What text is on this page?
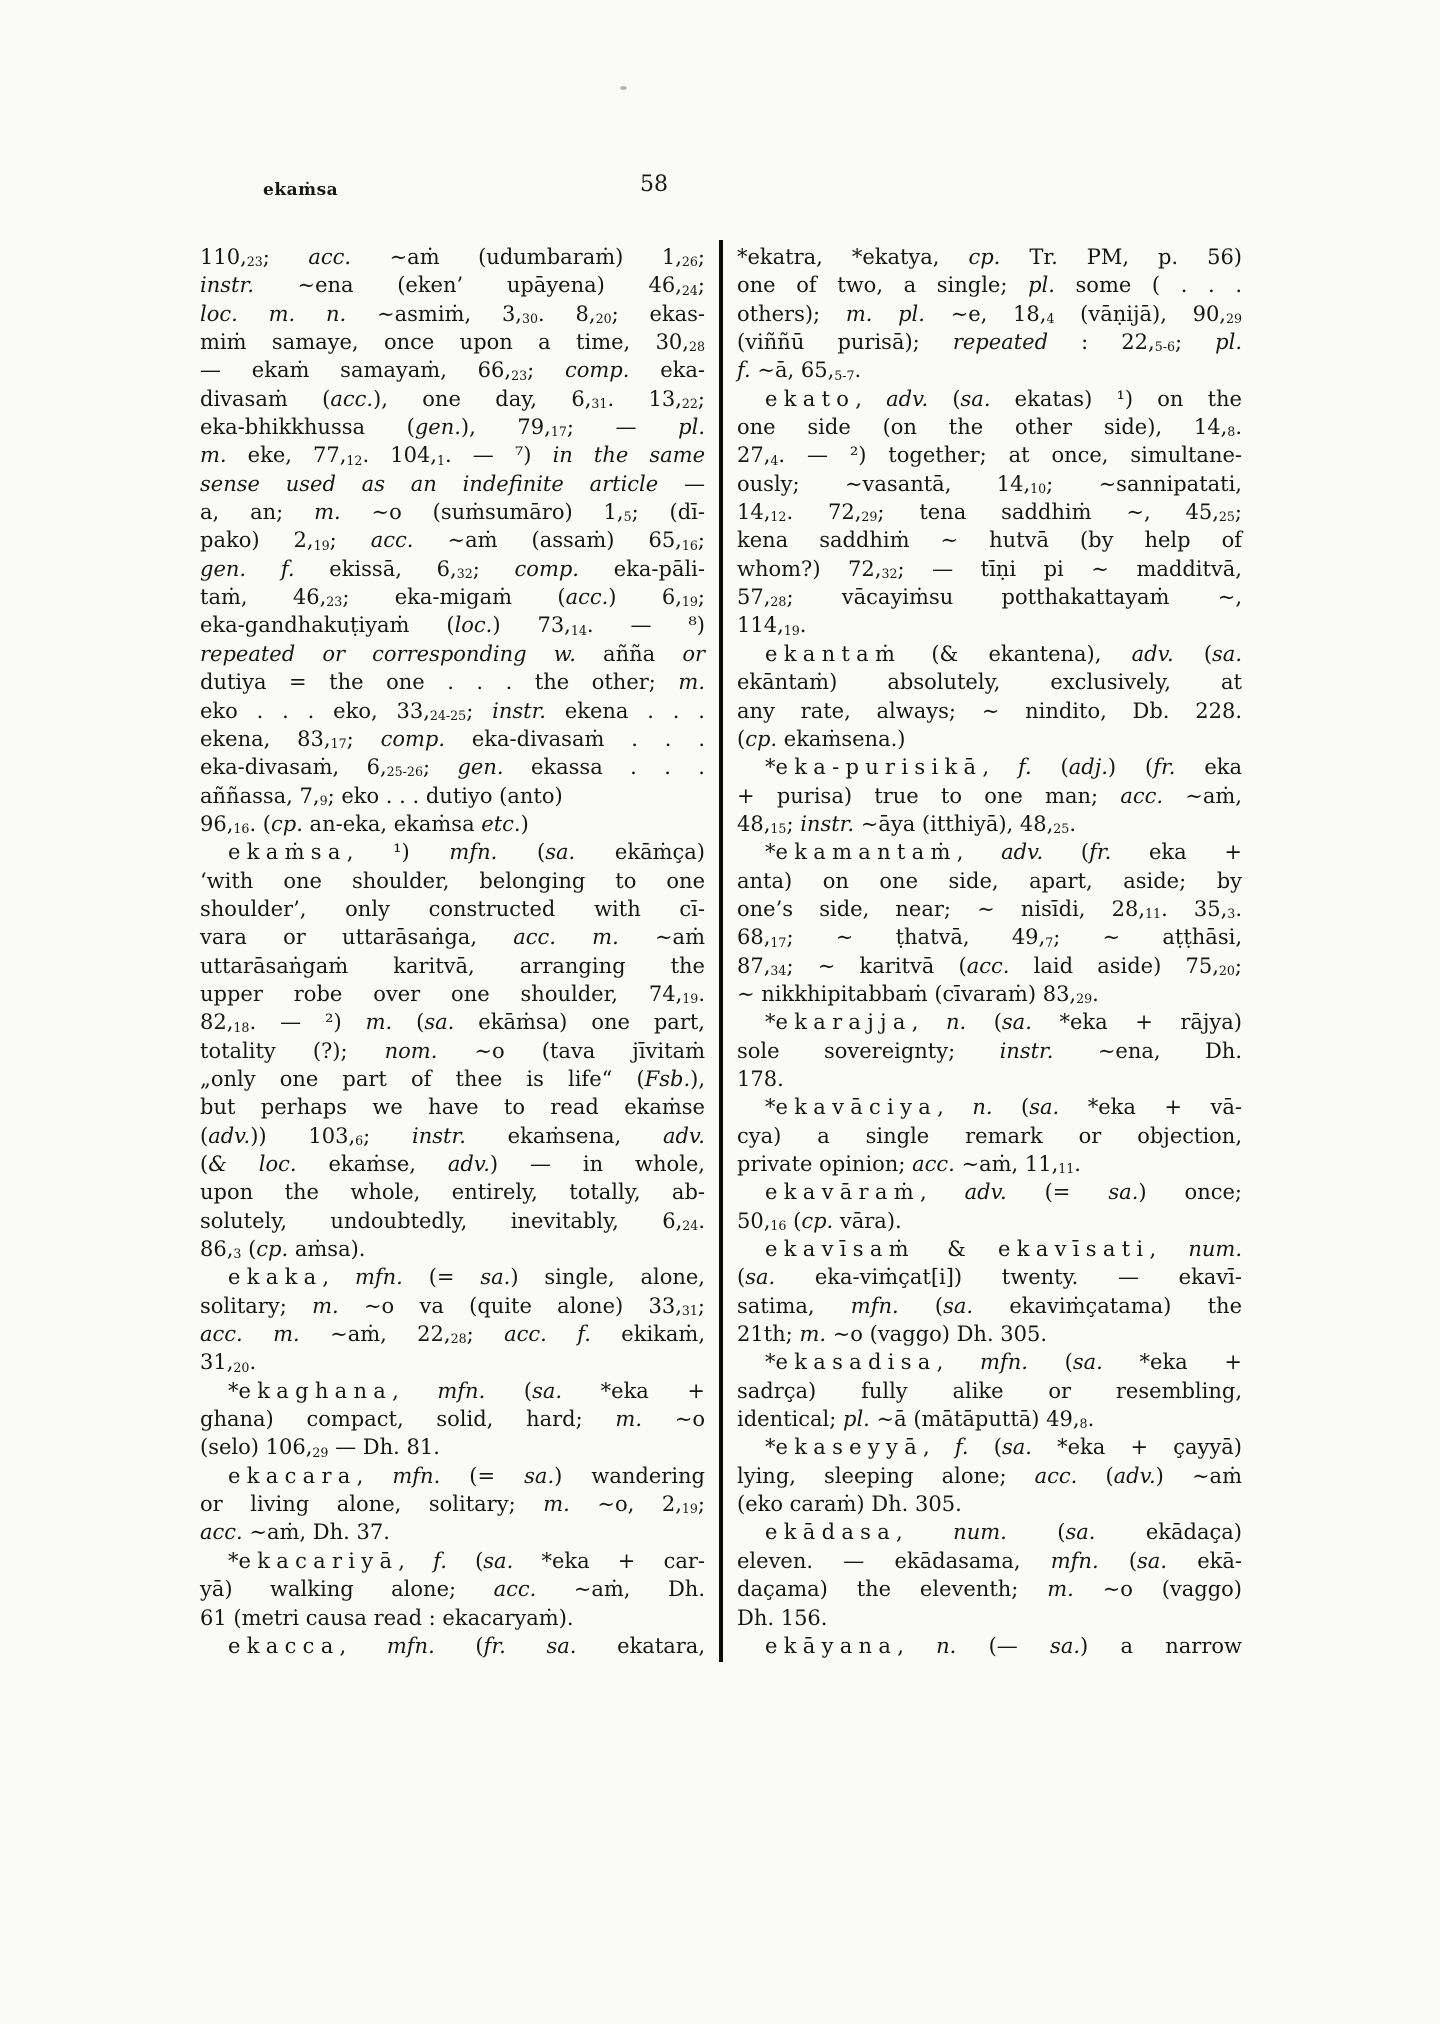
ekaṁsa	58
$110,_{23}$; acc. ∼aṁ (udumbaraṁ) $1,_{26}$;
instr. ∼ena (eken’ upāyena) $46,_{24}$;
loc. m. n. ∼asmiṁ, $3,_{30}$. $8,_{20}$; ekas-
miṁ samaye, once upon a time, $30,_{28}$
— ekaṁ samayaṁ, $66,_{23}$; comp. eka-
divasaṁ (acc.), one day, $6,_{31}$. $13,_{22}$;
eka-bhikkhussa (gen.), $79,_{17}$; — pl.
m. eke, $77,_{12}$. $104,_1$. — ⁷) in the same
sense used as an indefinite article —
a, an; m. ∼o (suṁsumāro) $1,_5$; (dī-
pako) $2,_{19}$; acc. ∼aṁ (assaṁ) $65,_{16}$;
gen. f. ekissā, $6,_{32}$; comp. eka-pāli-
taṁ, $46,_{23}$; eka-migaṁ (acc.) $6,_{19}$;
eka-gandhakuṭiyaṁ (loc.) $73,_{14}$. — ⁸)
repeated or corresponding w. añña or
dutiya = the one . . . the other; m.
eko . . . eko, $33,_{24-25}$; instr. ekena . . .
ekena, $83,_{17}$; comp. eka-divasaṁ . . .
eka-divasaṁ, $6,_{25-26}$; gen. ekassa . . .
aññassa, $7,_9$; eko . . . dutiyo (anto)
$96,_{16}$. (cp. an-eka, ekaṁsa etc.)
ekaṁsa, ¹) mfn. (sa. ekāṁça)
‘with one shoulder, belonging to one
shoulder’, only constructed with cī-
vara or uttarāsaṅga, acc. m. ∼aṁ
uttarāsaṅgaṁ karitvā, arranging the
upper robe over one shoulder, $74,_{19}$.
$82,_{18}$. — ²) m. (sa. ekāṁsa) one part,
totality (?); nom. ∼o (tava jīvitaṁ
„only one part of thee is life“ (Fsb.),
but perhaps we have to read ekaṁse
(adv.)) $103,_6$; instr. ekaṁsena, adv.
(& loc. ekaṁse, adv.) — in whole,
upon the whole, entirely, totally, ab-
solutely, undoubtedly, inevitably, $6,_{24}$.
$86,_3$ (cp. aṁsa).
ekaka, mfn. (= sa.) single, alone,
solitary; m. ∼o va (quite alone) $33,_{31}$;
acc. m. ∼aṁ, $22,_{28}$; acc. f. ekikaṁ,
$31,_{20}$.
*ekaghana, mfn. (sa. *eka +
ghana) compact, solid, hard; m. ∼o
(selo) $106,_{29}$ — Dh. 81.
ekacara, mfn. (= sa.) wandering
or living alone, solitary; m. ∼o, $2,_{19}$;
acc. ∼aṁ, Dh. 37.
*ekacariyā, f. (sa. *eka + car-
yā) walking alone; acc. ∼aṁ, Dh.
61 (metri causa read : ekacaryaṁ).
ekacca, mfn. (fr. sa. ekatara,
*ekatra, *ekatya, cp. Tr. PM, p. 56)
one of two, a single; pl. some ( . . .
others); m. pl. ∼e, $18,_4$ (vāṇijā), $90,_{29}$
(viññū purisā); repeated : $22,_{5-6}$; pl.
f. ∼ā, $65,_{5-7}$.
ekato, adv. (sa. ekatas) ¹) on the
one side (on the other side), $14,_8$.
$27,_4$. — ²) together; at once, simultane-
ously; ∼vasantā, $14,_{10}$; ∼sannipatati,
$14,_{12}$. $72,_{29}$; tena saddhiṁ ∼, $45,_{25}$;
kena saddhiṁ ∼ hutvā (by help of
whom?) $72,_{32}$; — tīṇi pi ∼ madditvā,
$57,_{28}$; vācayiṁsu potthakattayaṁ ∼,
$114,_{19}$.
ekantaṁ (& ekantena), adv. (sa.
ekāntaṁ) absolutely, exclusively, at
any rate, always; ∼ nindito, Db. 228.
(cp. ekaṁsena.)
*eka-purisikā, f. (adj.) (fr. eka
+ purisa) true to one man; acc. ∼aṁ,
$48,_{15}$; instr. ∼āya (itthiyā), $48,_{25}$.
*ekamantaṁ, adv. (fr. eka +
anta) on one side, apart, aside; by
one’s side, near; ∼ nisīdi, $28,_{11}$. $35,_3$.
$68,_{17}$; ∼ ṭhatvā, $49,_7$; ∼ aṭṭhāsi,
$87,_{34}$; ∼ karitvā (acc. laid aside) $75,_{20}$;
∼ nikkhipitabbaṁ (cīvaraṁ) $83,_{29}$.
*ekarajja, n. (sa. *eka + rājya)
sole sovereignty; instr. ∼ena, Dh.
178.
*ekavāciya, n. (sa. *eka + vā-
cya) a single remark or objection,
private opinion; acc. ∼aṁ, $11,_{11}$.
ekavāraṁ, adv. (= sa.) once;
$50,_{16}$ (cp. vāra).
ekavīsaṁ & ekavīsati, num.
(sa. eka-viṁçat[i]) twenty. — ekavī-
satima, mfn. (sa. ekaviṁçatama) the
21th; m. ∼o (vaggo) Dh. 305.
*ekasadisa, mfn. (sa. *eka +
sadrça) fully alike or resembling,
identical; pl. ∼ā (mātāputtā) $49,_8$.
*ekaseyyā, f. (sa. *eka + çayyā)
lying, sleeping alone; acc. (adv.) ∼aṁ
(eko caraṁ) Dh. 305.
ekādasa, num. (sa. ekādaça)
eleven. — ekādasama, mfn. (sa. ekā-
daçama) the eleventh; m. ∼o (vaggo)
Dh. 156.
ekāyana, n. (— sa.) a narrow
